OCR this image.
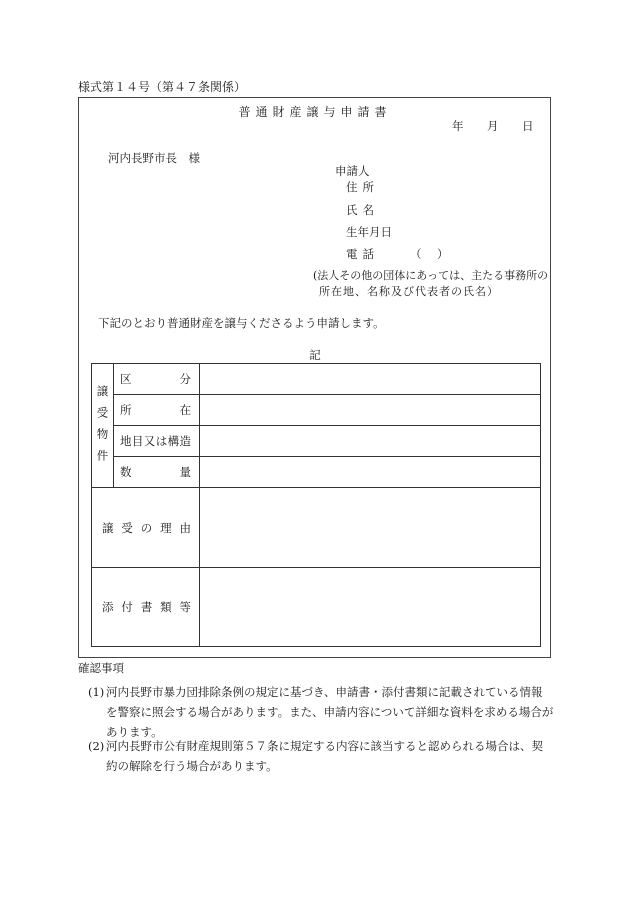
様式第１４号（第４７条関係）
普通財産譲与申請書
年 月 日
河内長野市長　様
申請人
住所
氏名
生年月日
電話	（　）
(法人その他の団体にあっては、主たる事務所の
所在地、名称及び代表者の氏名）
下記のとおり普通財産を譲与くださるよう申請します。
記
譲受物件	区分	
	所在	
	地目又は構造	
	数量	
譲受の理由		
添付書類等		
確認事項
(1) 河内長野市暴力団排除条例の規定に基づき、申請書・添付書類に記載されている情報を警察に照会する場合があります。また、申請内容について詳細な資料を求める場合があります。
(2) 河内長野市公有財産規則第５７条に規定する内容に該当すると認められる場合は、契約の解除を行う場合があります。
